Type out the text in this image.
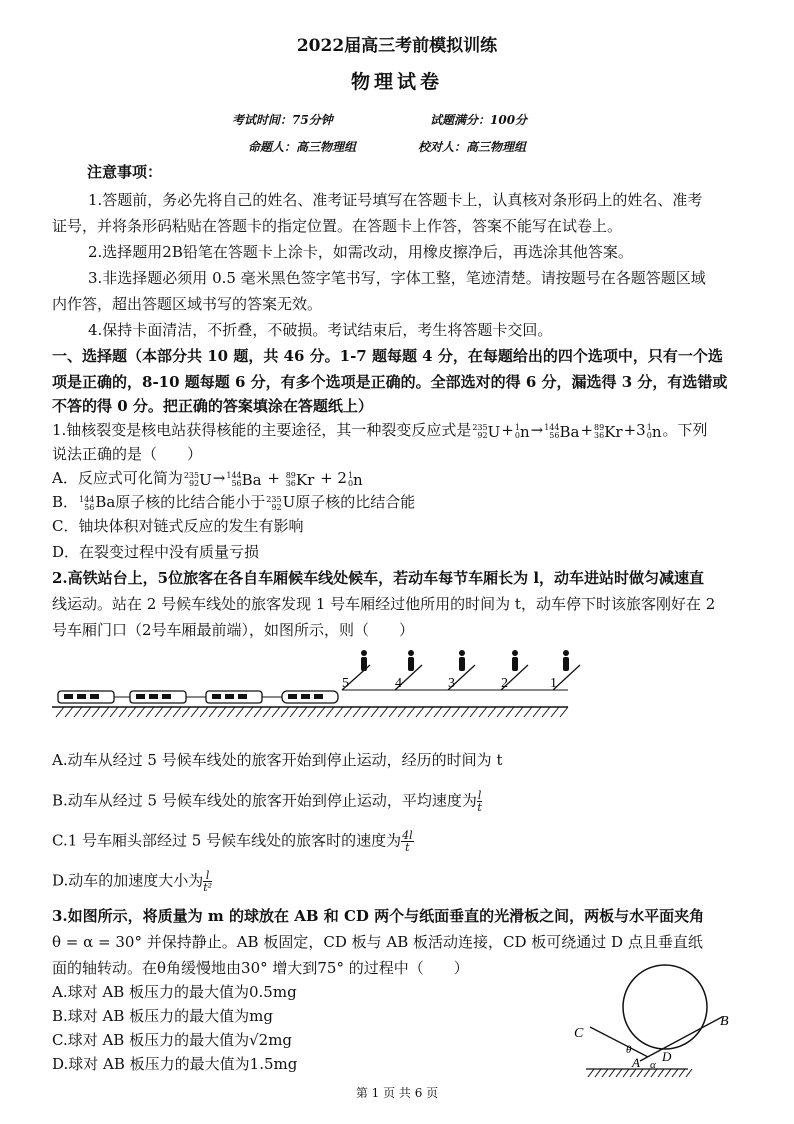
2022届高三考前模拟训练
物理试卷
考试时间：75分钟	试题满分：100分
命题人：高三物理组	校对人：高三物理组
注意事项：
1.答题前，务必先将自己的姓名、准考证号填写在答题卡上，认真核对条形码上的姓名、准考
证号，并将条形码粘贴在答题卡的指定位置。在答题卡上作答，答案不能写在试卷上。
2.选择题用2B铅笔在答题卡上涂卡，如需改动，用橡皮擦净后，再选涂其他答案。
3.非选择题必须用 0.5 毫米黑色签字笔书写，字体工整，笔迹清楚。请按题号在各题答题区域
内作答，超出答题区域书写的答案无效。
4.保持卡面清洁，不折叠，不破损。考试结束后，考生将答题卡交回。
一、选择题（本部分共 10 题，共 46 分。1-7 题每题 4 分，在每题给出的四个选项中，只有一个选
项是正确的，8-10 题每题 6 分，有多个选项是正确的。全部选对的得 6 分，漏选得 3 分，有选错或
不答的得 0 分。把正确的答案填涂在答题纸上）
1.铀核裂变是核电站获得核能的主要途径，其一种裂变反应式是 235
92 U+ 1
0 n→ 144
56 Ba+ 89
36 Kr+3 1
0 n。下列
说法正确的是（　　）
A．反应式可化简为 235
92 U→ 144
56 Ba + 89
36 Kr + 2 1
0 n
B． 144
56 Ba原子核的比结合能小于 235
92 U原子核的比结合能
C．铀块体积对链式反应的发生有影响
D．在裂变过程中没有质量亏损
2.高铁站台上，5位旅客在各自车厢候车线处候车，若动车每节车厢长为 l，动车进站时做匀减速直
线运动。站在 2 号候车线处的旅客发现 1 号车厢经过他所用的时间为 t，动车停下时该旅客刚好在 2
号车厢门口（2号车厢最前端），如图所示，则（　　）
5	4	3	2	1
A.动车从经过 5 号候车线处的旅客开始到停止运动，经历的时间为 t
B.动车从经过 5 号候车线处的旅客开始到停止运动，平均速度为 $\frac{l}{t}$
C.1 号车厢头部经过 5 号候车线处的旅客时的速度为 $\frac{4l}{t}$
D.动车的加速度大小为 $\frac{l}{\text{t²}}$
3.如图所示，将质量为 m 的球放在 AB 和 CD 两个与纸面垂直的光滑板之间，两板与水平面夹角
θ = α = 30° 并保持静止。AB 板固定，CD 板与 AB 板活动连接，CD 板可绕通过 D 点且垂直纸
面的轴转动。在θ角缓慢地由30° 增大到75° 的过程中（　　）
A.球对 AB 板压力的最大值为0.5mg
B.球对 AB 板压力的最大值为mg
C.球对 AB 板压力的最大值为√2mg
D.球对 AB 板压力的最大值为1.5mg
C
B
A D
θ
α
第 1 页 共 6 页
